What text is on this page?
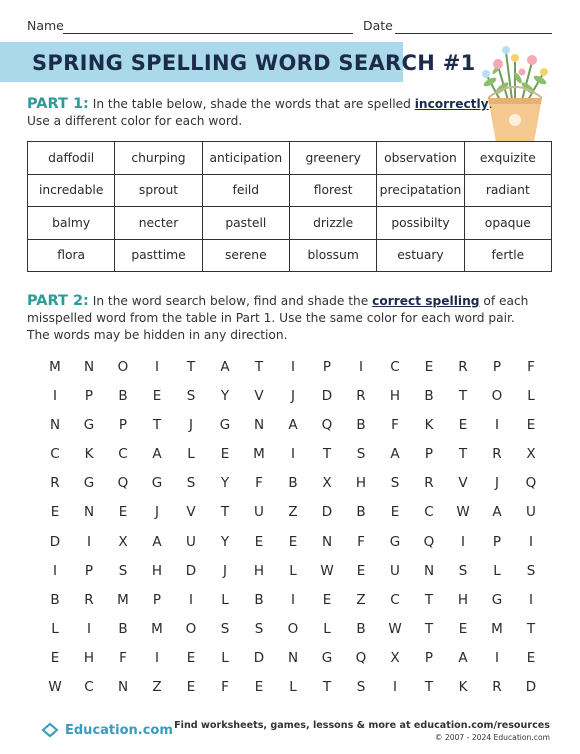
Name	Date
SPRING SPELLING WORD SEARCH #1
PART 1: In the table below, shade the words that are spelled incorrectly.
Use a different color for each word.
daffodil	churping	anticipation	greenery	observation	exquizite
incredable	sprout	feild	florest	precipatation	radiant
balmy	necter	pastell	drizzle	possibilty	opaque
flora	pasttime	serene	blossum	estuary	fertle
PART 2: In the word search below, find and shade the correct spelling of each
misspelled word from the table in Part 1. Use the same color for each word pair.
The words may be hidden in any direction.
M	N	O	I	T	A	T	I	P	I	C	E	R	P	F
I	P	B	E	S	Y	V	J	D	R	H	B	T	O	L
N	G	P	T	J	G	N	A	Q	B	F	K	E	I	E
C	K	C	A	L	E	M	I	T	S	A	P	T	R	X
R	G	Q	G	S	Y	F	B	X	H	S	R	V	J	Q
E	N	E	J	V	T	U	Z	D	B	E	C	W	A	U
D	I	X	A	U	Y	E	E	N	F	G	Q	I	P	I
I	P	S	H	D	J	H	L	W	E	U	N	S	L	S
B	R	M	P	I	L	B	I	E	Z	C	T	H	G	I
L	I	B	M	O	S	S	O	L	B	W	T	E	M	T
E	H	F	I	E	L	D	N	G	Q	X	P	A	I	E
W	C	N	Z	E	F	E	L	T	S	I	T	K	R	D
Education.com Find worksheets, games, lessons & more at education.com/resources
© 2007 - 2024 Education.com
